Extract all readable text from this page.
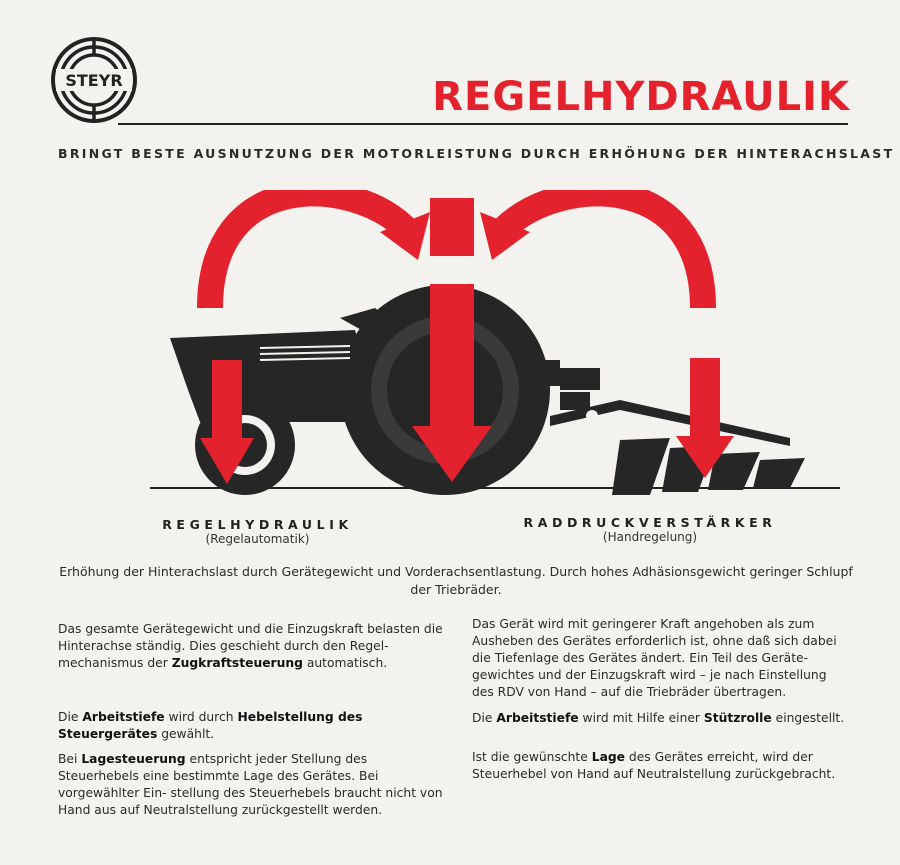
STEYR	REGELHYDRAULIK

BRINGT BESTE AUSNUTZUNG DER MOTORLEISTUNG DURCH ERHÖHUNG DER HINTERACHSLAST

REGELHYDRAULIK
(Regelautomatik)
RADDRUCKVERSTÄRKER
(Handregelung)
Erhöhung der Hinterachslast durch Gerätegewicht und Vorderachsentlastung. Durch hohes Adhäsionsgewicht geringer Schlupf
der Triebräder.

Das gesamte Gerätegewicht und die Einzugskraft belasten die Hinterachse ständig. Dies geschieht durch den Regel- mechanismus der Zugkraftsteuerung automatisch.

Die Arbeitstiefe wird durch Hebelstellung des Steuergerätes gewählt.

Bei Lagesteuerung entspricht jeder Stellung des Steuerhebels eine bestimmte Lage des Gerätes. Bei vorgewählter Ein- stellung des Steuerhebels braucht nicht von Hand aus auf Neutralstellung zurückgestellt werden.

Das Gerät wird mit geringerer Kraft angehoben als zum Ausheben des Gerätes erforderlich ist, ohne daß sich dabei die Tiefenlage des Gerätes ändert. Ein Teil des Geräte- gewichtes und der Einzugskraft wird – je nach Einstellung des RDV von Hand – auf die Triebräder übertragen.

Die Arbeitstiefe wird mit Hilfe einer Stützrolle eingestellt.

Ist die gewünschte Lage des Gerätes erreicht, wird der Steuerhebel von Hand auf Neutralstellung zurückgebracht.
